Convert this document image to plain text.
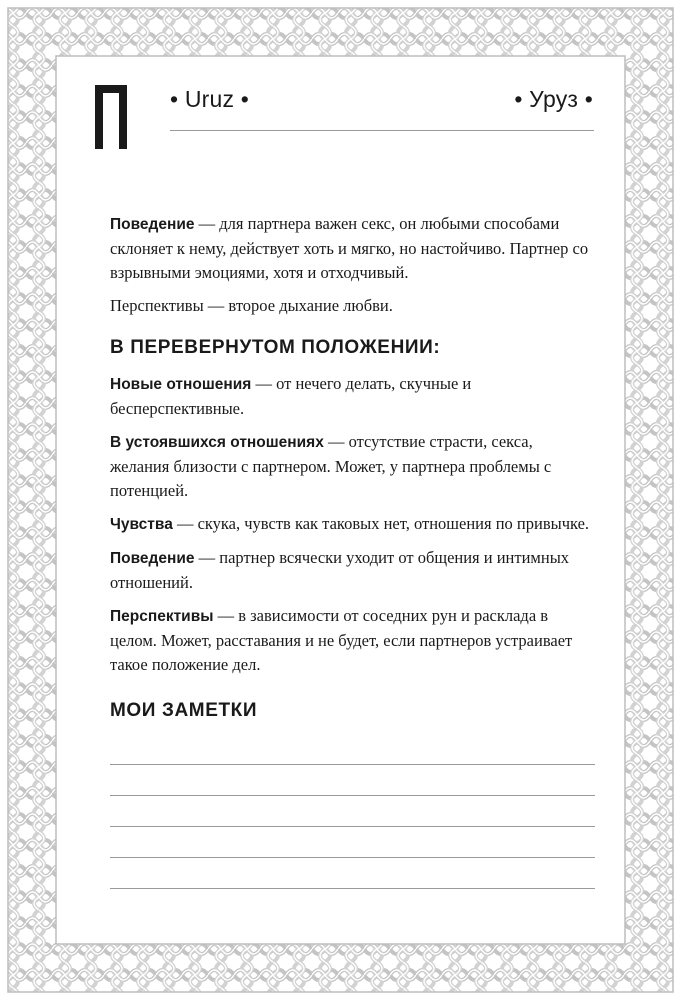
• Uruz •	• Уруз •

Поведение — для партнера важен секс, он любыми способами склоняет к нему, действует хоть и мягко, но настойчиво. Партнер со взрывными эмоциями, хотя и отходчивый.

Перспективы — второе дыхание любви.

В ПЕРЕВЕРНУТОМ ПОЛОЖЕНИИ:

Новые отношения — от нечего делать, скучные и бесперспективные.

В устоявшихся отношениях — отсутствие страсти, секса, желания близости с партнером. Может, у партнера проблемы с потенцией.

Чувства — скука, чувств как таковых нет, отношения по привычке.

Поведение — партнер всячески уходит от общения и интимных отношений.

Перспективы — в зависимости от соседних рун и расклада в целом. Может, расставания и не будет, если партнеров устраивает такое положение дел.

МОИ ЗАМЕТКИ
